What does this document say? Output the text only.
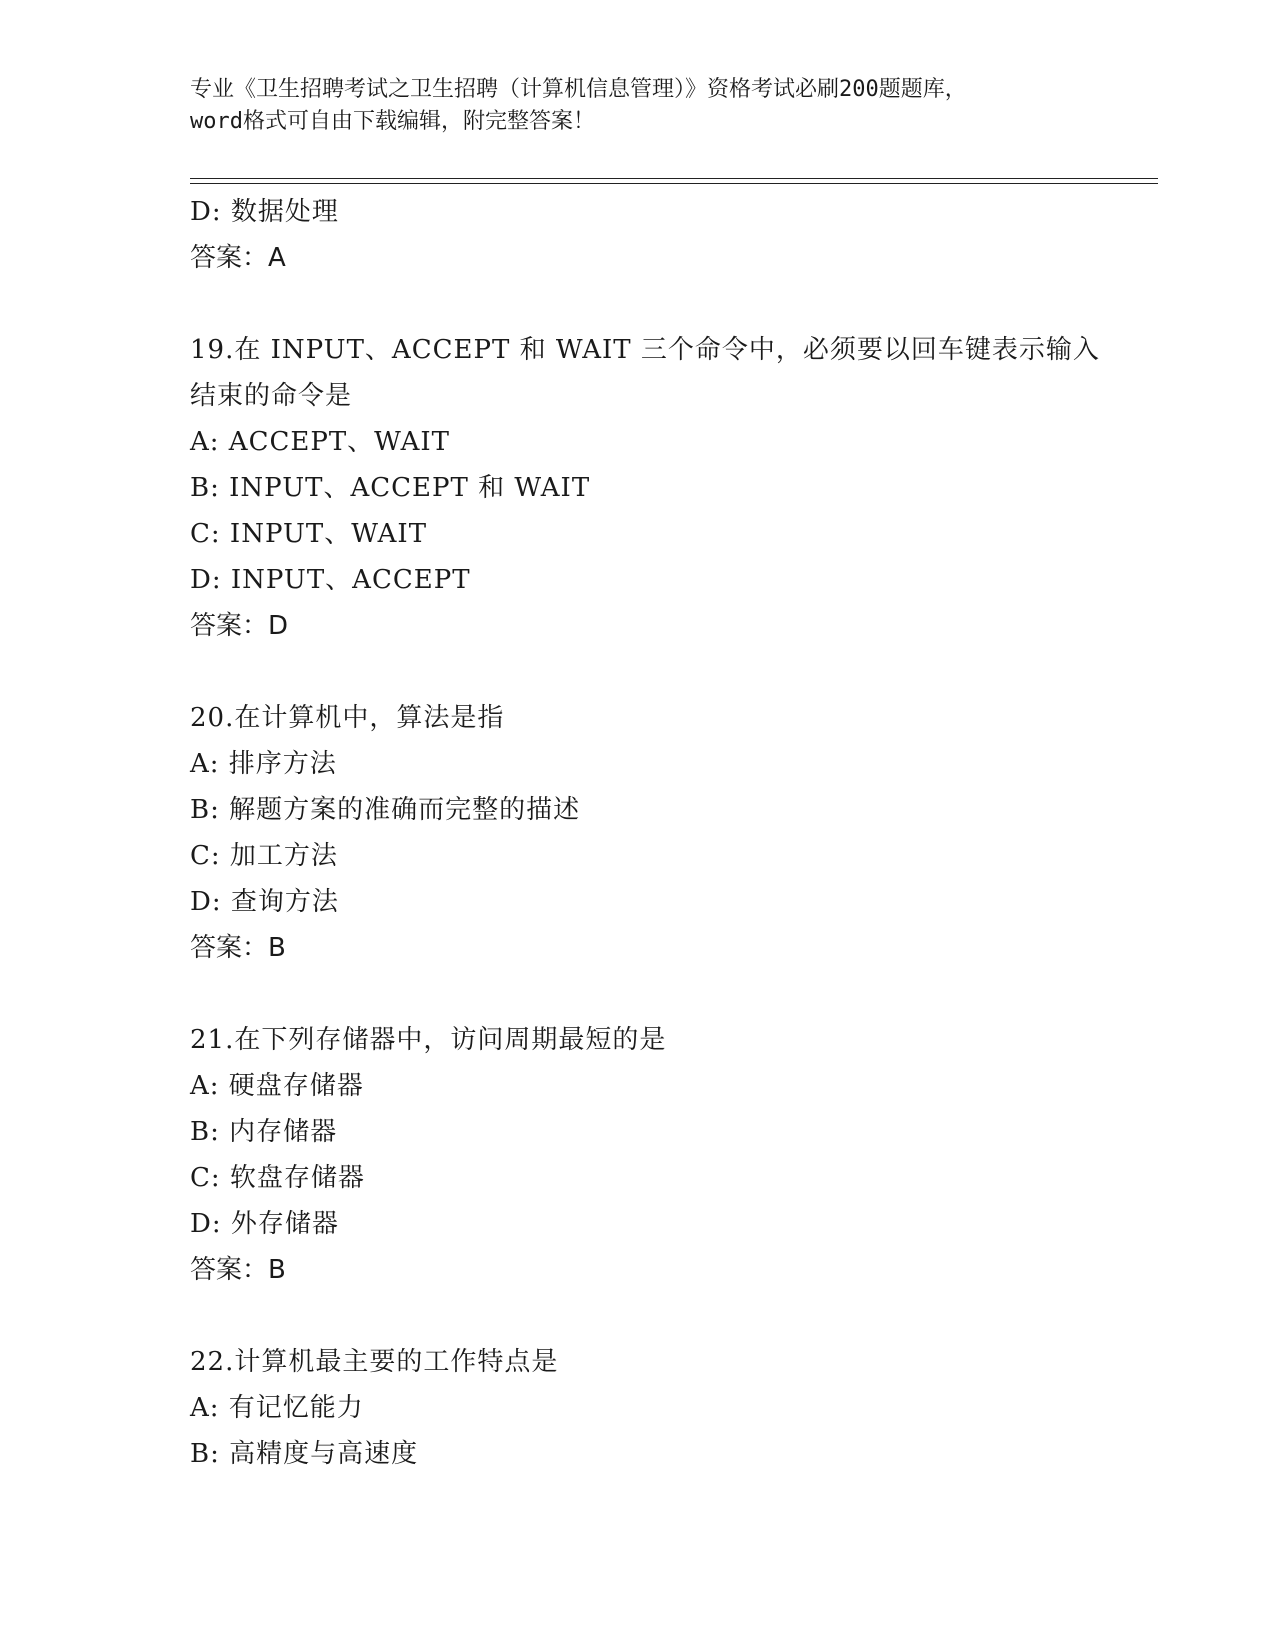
专业《卫生招聘考试之卫生招聘（计算机信息管理）》资格考试必刷200题题库，
word格式可自由下载编辑，附完整答案！
D: 数据处理
答案：A
19.在 INPUT、ACCEPT 和 WAIT 三个命令中，必须要以回车键表示输入
结束的命令是
A: ACCEPT、WAIT
B: INPUT、ACCEPT 和 WAIT
C: INPUT、WAIT
D: INPUT、ACCEPT
答案：D
20.在计算机中，算法是指
A: 排序方法
B: 解题方案的准确而完整的描述
C: 加工方法
D: 查询方法
答案：B
21.在下列存储器中，访问周期最短的是
A: 硬盘存储器
B: 内存储器
C: 软盘存储器
D: 外存储器
答案：B
22.计算机最主要的工作特点是
A: 有记忆能力
B: 高精度与高速度
